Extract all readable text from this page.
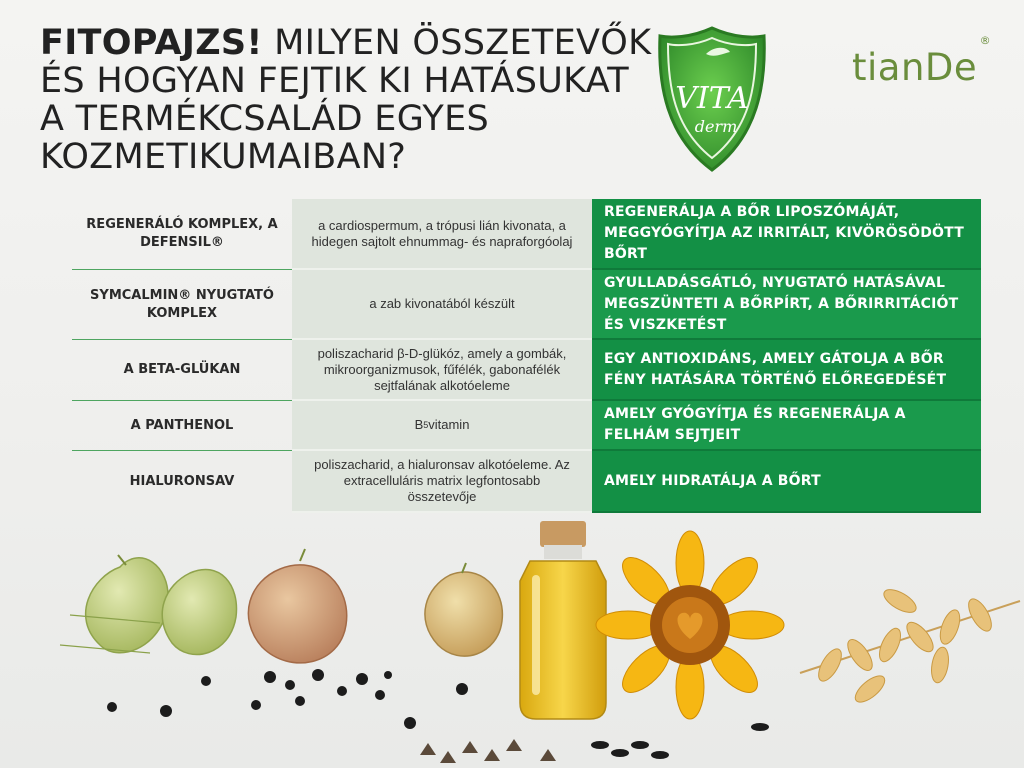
FITOPAJZS! MILYEN ÖSSZETEVŐK
ÉS HOGYAN FEJTIK KI HATÁSUKAT
A TERMÉKCSALÁD EGYES
KOZMETIKUMAIBAN?
VITA
derm
tianDe
®
REGENERÁLÓ KOMPLEX, A DEFENSIL®
a cardiospermum, a trópusi lián kivonata, a hidegen sajtolt ehnummag- és napraforgóolaj
REGENERÁLJA A BŐR LIPOSZÓMÁJÁT, MEGGYÓGYÍTJA AZ IRRITÁLT, KIVÖRÖSÖDÖTT BŐRT
SYMCALMIN® NYUGTATÓ KOMPLEX
a zab kivonatából készült
GYULLADÁSGÁTLÓ, NYUGTATÓ HATÁSÁVAL MEGSZÜNTETI A BŐRPÍRT, A BŐRIRRITÁCIÓT ÉS VISZKETÉST
A BETA-GLÜKAN
poliszacharid β-D-glükóz, amely a gombák, mikroorganizmusok, fűfélék, gabonafélék sejtfalának alkotóeleme
EGY ANTIOXIDÁNS, AMELY GÁTOLJA A BŐR FÉNY HATÁSÁRA TÖRTÉNŐ ELŐREGEDÉSÉT
A PANTHENOL	B 5 vitamin
AMELY GYÓGYÍTJA ÉS REGENERÁLJA A FELHÁM SEJTJEIT
HIALURONSAV
poliszacharid, a hialuronsav alkotóeleme. Az extracelluláris matrix legfontosabb összetevője
AMELY HIDRATÁLJA A BŐRT
